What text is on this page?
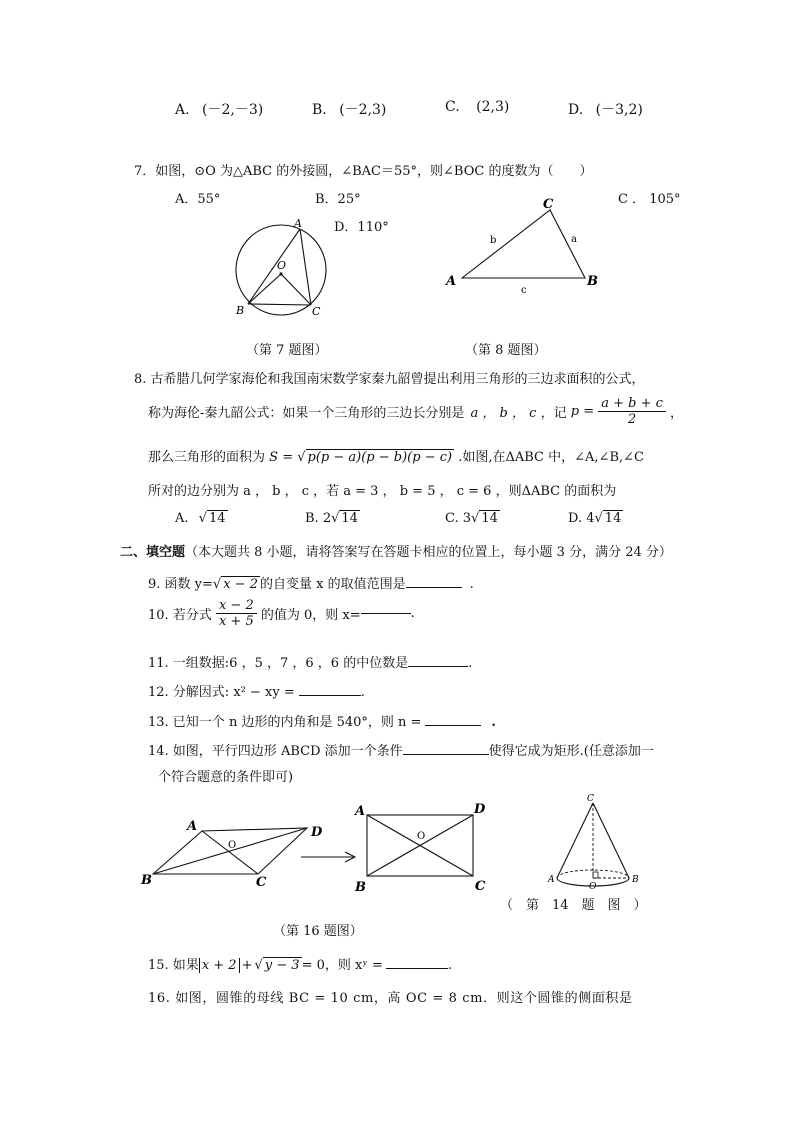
A. (－2,－3)	B. (－2,3)	C. (2,3)	D. (－3,2)
7．如图，⊙O 为△ABC 的外接圆，∠BAC＝55°，则∠BOC 的度数为（　　）
A．55°	B．25°	C ． 105°
D．110°
A
O
B	C
C
A	B
b	a
c
（第 7 题图）	（第 8 题图）
8. 古希腊几何学家海伦和我国南宋数学家秦九韶曾提出利用三角形的三边求面积的公式，
称为海伦-秦九韶公式：如果一个三角形的三边长分别是 a ， b ， c ，记 $p = \frac{a + b + c}{2}$ ，
那么三角形的面积为 S = √ p(p − a)(p − b)(p − c) .如图,在ΔABC 中，∠A,∠B,∠C
所对的边分别为 a ， b ， c ，若 a = 3 ， b = 5 ， c = 6 ，则ΔABC 的面积为
A. √ 14	B. 2√ 14	C. 3√ 14	D. 4√ 14
二、填空题（本大题共 8 小题，请将答案写在答题卡相应的位置上，每小题 3 分，满分 24 分）
9. 函数 y=√ x − 2 的自变量 x 的取值范围是	.
10. 若分式 $\frac{x - 2}{x + 5}$ 的值为 0，则 x=	.
11. 一组数据:6 ，5 ，7 ，6 ，6 的中位数是	.
12. 分解因式: x² − xy =	.
13. 已知一个 n 边形的内角和是 540°，则 n =	.
14. 如图，平行四边形 ABCD 添加一个条件	使得它成为矩形.(任意添加一
个符合题意的条件即可)
A	D
B	C
O
A	D
B	C
O
C
A	B
O
（　第　14　题　图　）
（第 16 题图）
15. 如果 x + 2 + √ y − 3 = 0，则 xʸ =	.
16. 如图，圆锥的母线 BC = 10 cm，高 OC = 8 cm．则这个圆锥的侧面积是
